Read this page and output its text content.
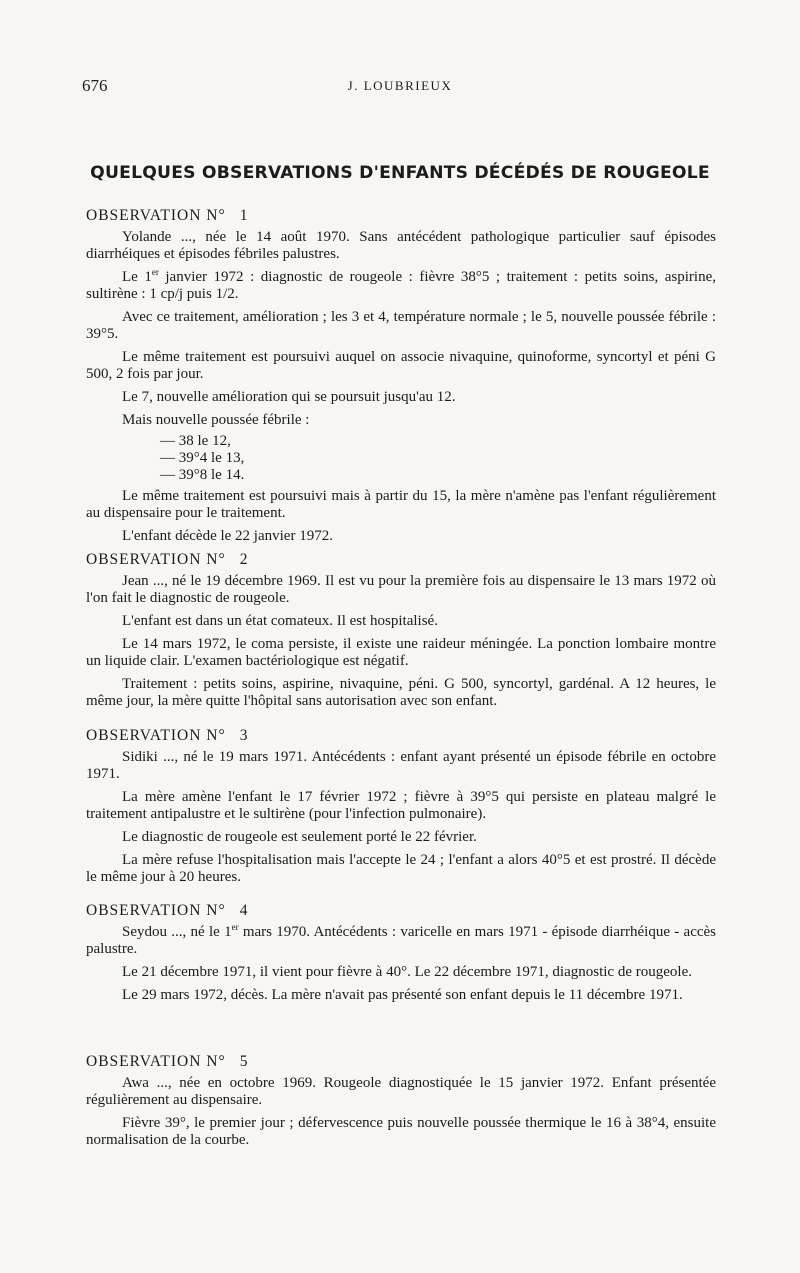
676	J. LOUBRIEUX
QUELQUES OBSERVATIONS D'ENFANTS DÉCÉDÉS DE ROUGEOLE
OBSERVATION N° 1

Yolande ..., née le 14 août 1970. Sans antécédent pathologique particulier sauf épisodes diarrhéiques et épisodes fébriles palustres.

Le 1er janvier 1972 : diagnostic de rougeole : fièvre 38°5 ; traitement : petits soins, aspirine, sultirène : 1 cp/j puis 1/2.

Avec ce traitement, amélioration ; les 3 et 4, température normale ; le 5, nouvelle poussée fébrile : 39°5.

Le même traitement est poursuivi auquel on associe nivaquine, quinoforme, syncortyl et péni G 500, 2 fois par jour.

Le 7, nouvelle amélioration qui se poursuit jusqu'au 12.

Mais nouvelle poussée fébrile :

— 38 le 12,
— 39°4 le 13,
— 39°8 le 14.

Le même traitement est poursuivi mais à partir du 15, la mère n'amène pas l'enfant régulièrement au dispensaire pour le traitement.

L'enfant décède le 22 janvier 1972.

OBSERVATION N° 2

Jean ..., né le 19 décembre 1969. Il est vu pour la première fois au dispensaire le 13 mars 1972 où l'on fait le diagnostic de rougeole.

L'enfant est dans un état comateux. Il est hospitalisé.

Le 14 mars 1972, le coma persiste, il existe une raideur méningée. La ponction lombaire montre un liquide clair. L'examen bactériologique est négatif.

Traitement : petits soins, aspirine, nivaquine, péni. G 500, syncortyl, gardénal. A 12 heures, le même jour, la mère quitte l'hôpital sans autorisation avec son enfant.

OBSERVATION N° 3

Sidiki ..., né le 19 mars 1971. Antécédents : enfant ayant présenté un épisode fébrile en octobre 1971.

La mère amène l'enfant le 17 février 1972 ; fièvre à 39°5 qui persiste en plateau malgré le traitement antipalustre et le sultirène (pour l'infection pulmonaire).

Le diagnostic de rougeole est seulement porté le 22 février.

La mère refuse l'hospitalisation mais l'accepte le 24 ; l'enfant a alors 40°5 et est prostré. Il décède le même jour à 20 heures.

OBSERVATION N° 4

Seydou ..., né le 1er mars 1970. Antécédents : varicelle en mars 1971 - épisode diarrhéique - accès palustre.

Le 21 décembre 1971, il vient pour fièvre à 40°. Le 22 décembre 1971, diagnostic de rougeole.

Le 29 mars 1972, décès. La mère n'avait pas présenté son enfant depuis le 11 décembre 1971.

OBSERVATION N° 5

Awa ..., née en octobre 1969. Rougeole diagnostiquée le 15 janvier 1972. Enfant présentée régulièrement au dispensaire.

Fièvre 39°, le premier jour ; défervescence puis nouvelle poussée thermique le 16 à 38°4, ensuite normalisation de la courbe.
